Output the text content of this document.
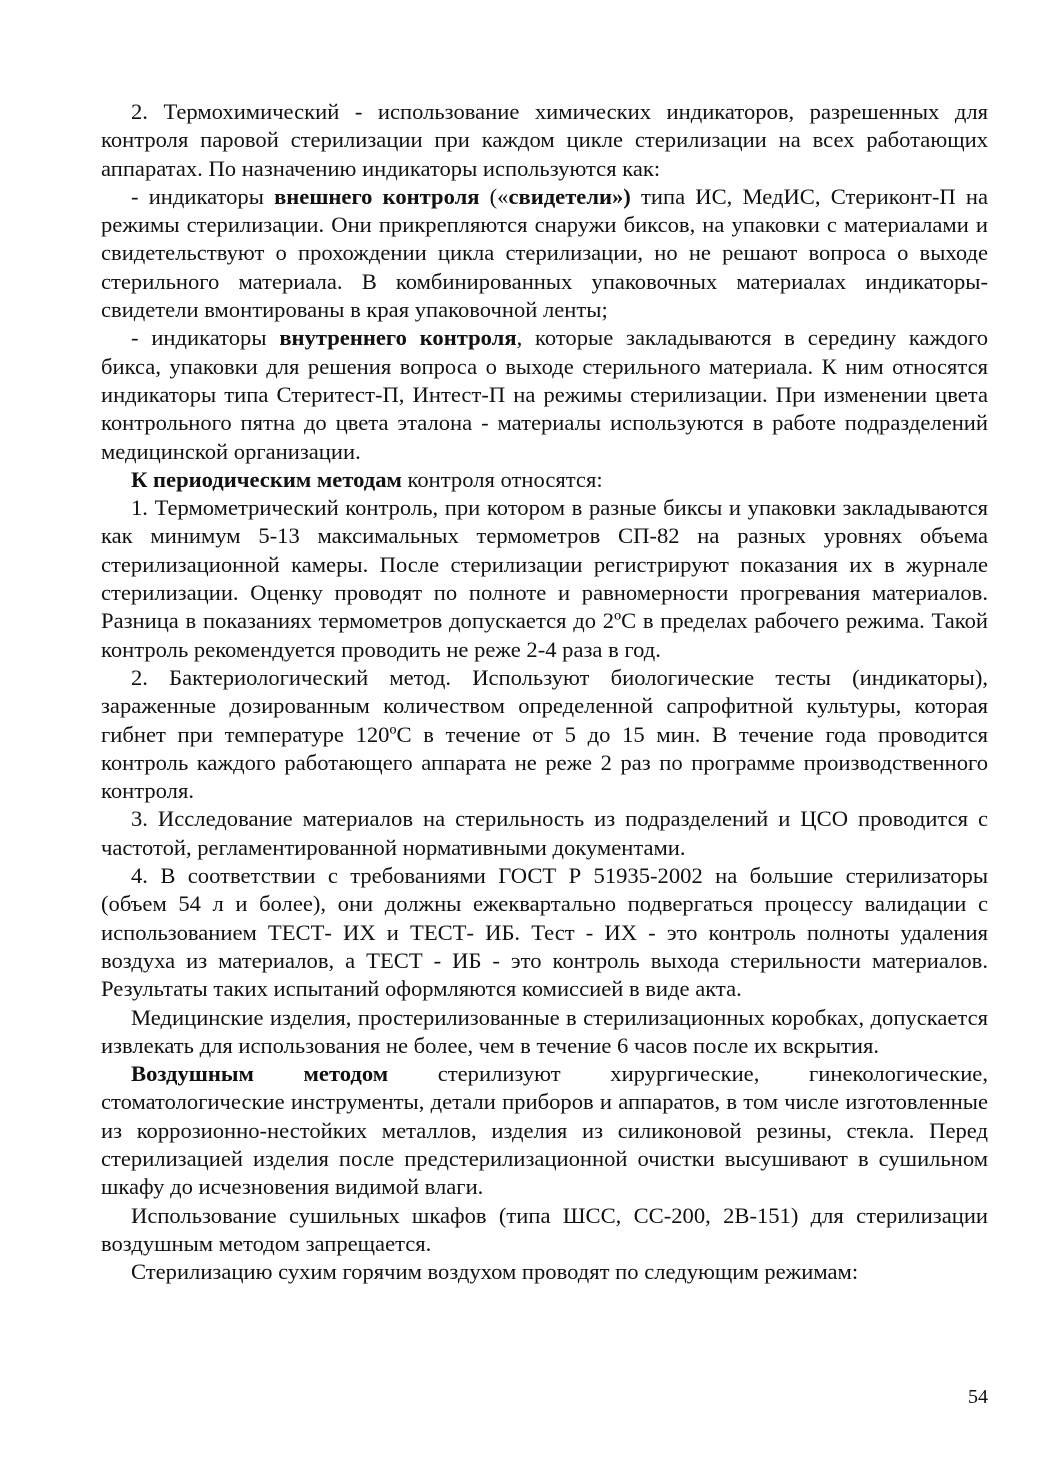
2. Термохимический - использование химических индикаторов, разрешенных для контроля паровой стерилизации при каждом цикле стерилизации на всех работающих аппаратах. По назначению индикаторы используются как:

- индикаторы внешнего контроля («свидетели») типа ИС, МедИС, Стериконт-П на режимы стерилизации. Они прикрепляются снаружи биксов, на упаковки с материалами и свидетельствуют о прохождении цикла стерилизации, но не решают вопроса о выходе стерильного материала. В комбинированных упаковочных материалах индикаторы-свидетели вмонтированы в края упаковочной ленты;

- индикаторы внутреннего контроля, которые закладываются в середину каждого бикса, упаковки для решения вопроса о выходе стерильного материала. К ним относятся индикаторы типа Стеритест-П, Интест-П на режимы стерилизации. При изменении цвета контрольного пятна до цвета эталона - материалы используются в работе подразделений медицинской организации.

К периодическим методам контроля относятся:

1. Термометрический контроль, при котором в разные биксы и упаковки закладываются как минимум 5-13 максимальных термометров СП-82 на разных уровнях объема стерилизационной камеры. После стерилизации регистрируют показания их в журнале стерилизации. Оценку проводят по полноте и равномерности прогревания материалов. Разница в показаниях термометров допускается до 2ºС в пределах рабочего режима. Такой контроль рекомендуется проводить не реже 2-4 раза в год.

2. Бактериологический метод. Используют биологические тесты (индикаторы), зараженные дозированным количеством определенной сапрофитной культуры, которая гибнет при температуре 120ºС в течение от 5 до 15 мин. В течение года проводится контроль каждого работающего аппарата не реже 2 раз по программе производственного контроля.

3. Исследование материалов на стерильность из подразделений и ЦСО проводится с частотой, регламентированной нормативными документами.

4. В соответствии с требованиями ГОСТ Р 51935-2002 на большие стерилизаторы (объем 54 л и более), они должны ежеквартально подвергаться процессу валидации с использованием ТЕСТ- ИХ и ТЕСТ- ИБ. Тест - ИХ - это контроль полноты удаления воздуха из материалов, а ТЕСТ - ИБ - это контроль выхода стерильности материалов. Результаты таких испытаний оформляются комиссией в виде акта.

Медицинские изделия, простерилизованные в стерилизационных коробках, допускается извлекать для использования не более, чем в течение 6 часов после их вскрытия.

Воздушным методом стерилизуют хирургические, гинекологические, стоматологические инструменты, детали приборов и аппаратов, в том числе изготовленные из коррозионно-нестойких металлов, изделия из силиконовой резины, стекла. Перед стерилизацией изделия после предстерилизационной очистки высушивают в сушильном шкафу до исчезновения видимой влаги.

Использование сушильных шкафов (типа ШСС, СС-200, 2В-151) для стерилизации воздушным методом запрещается.

Стерилизацию сухим горячим воздухом проводят по следующим режимам:

54
